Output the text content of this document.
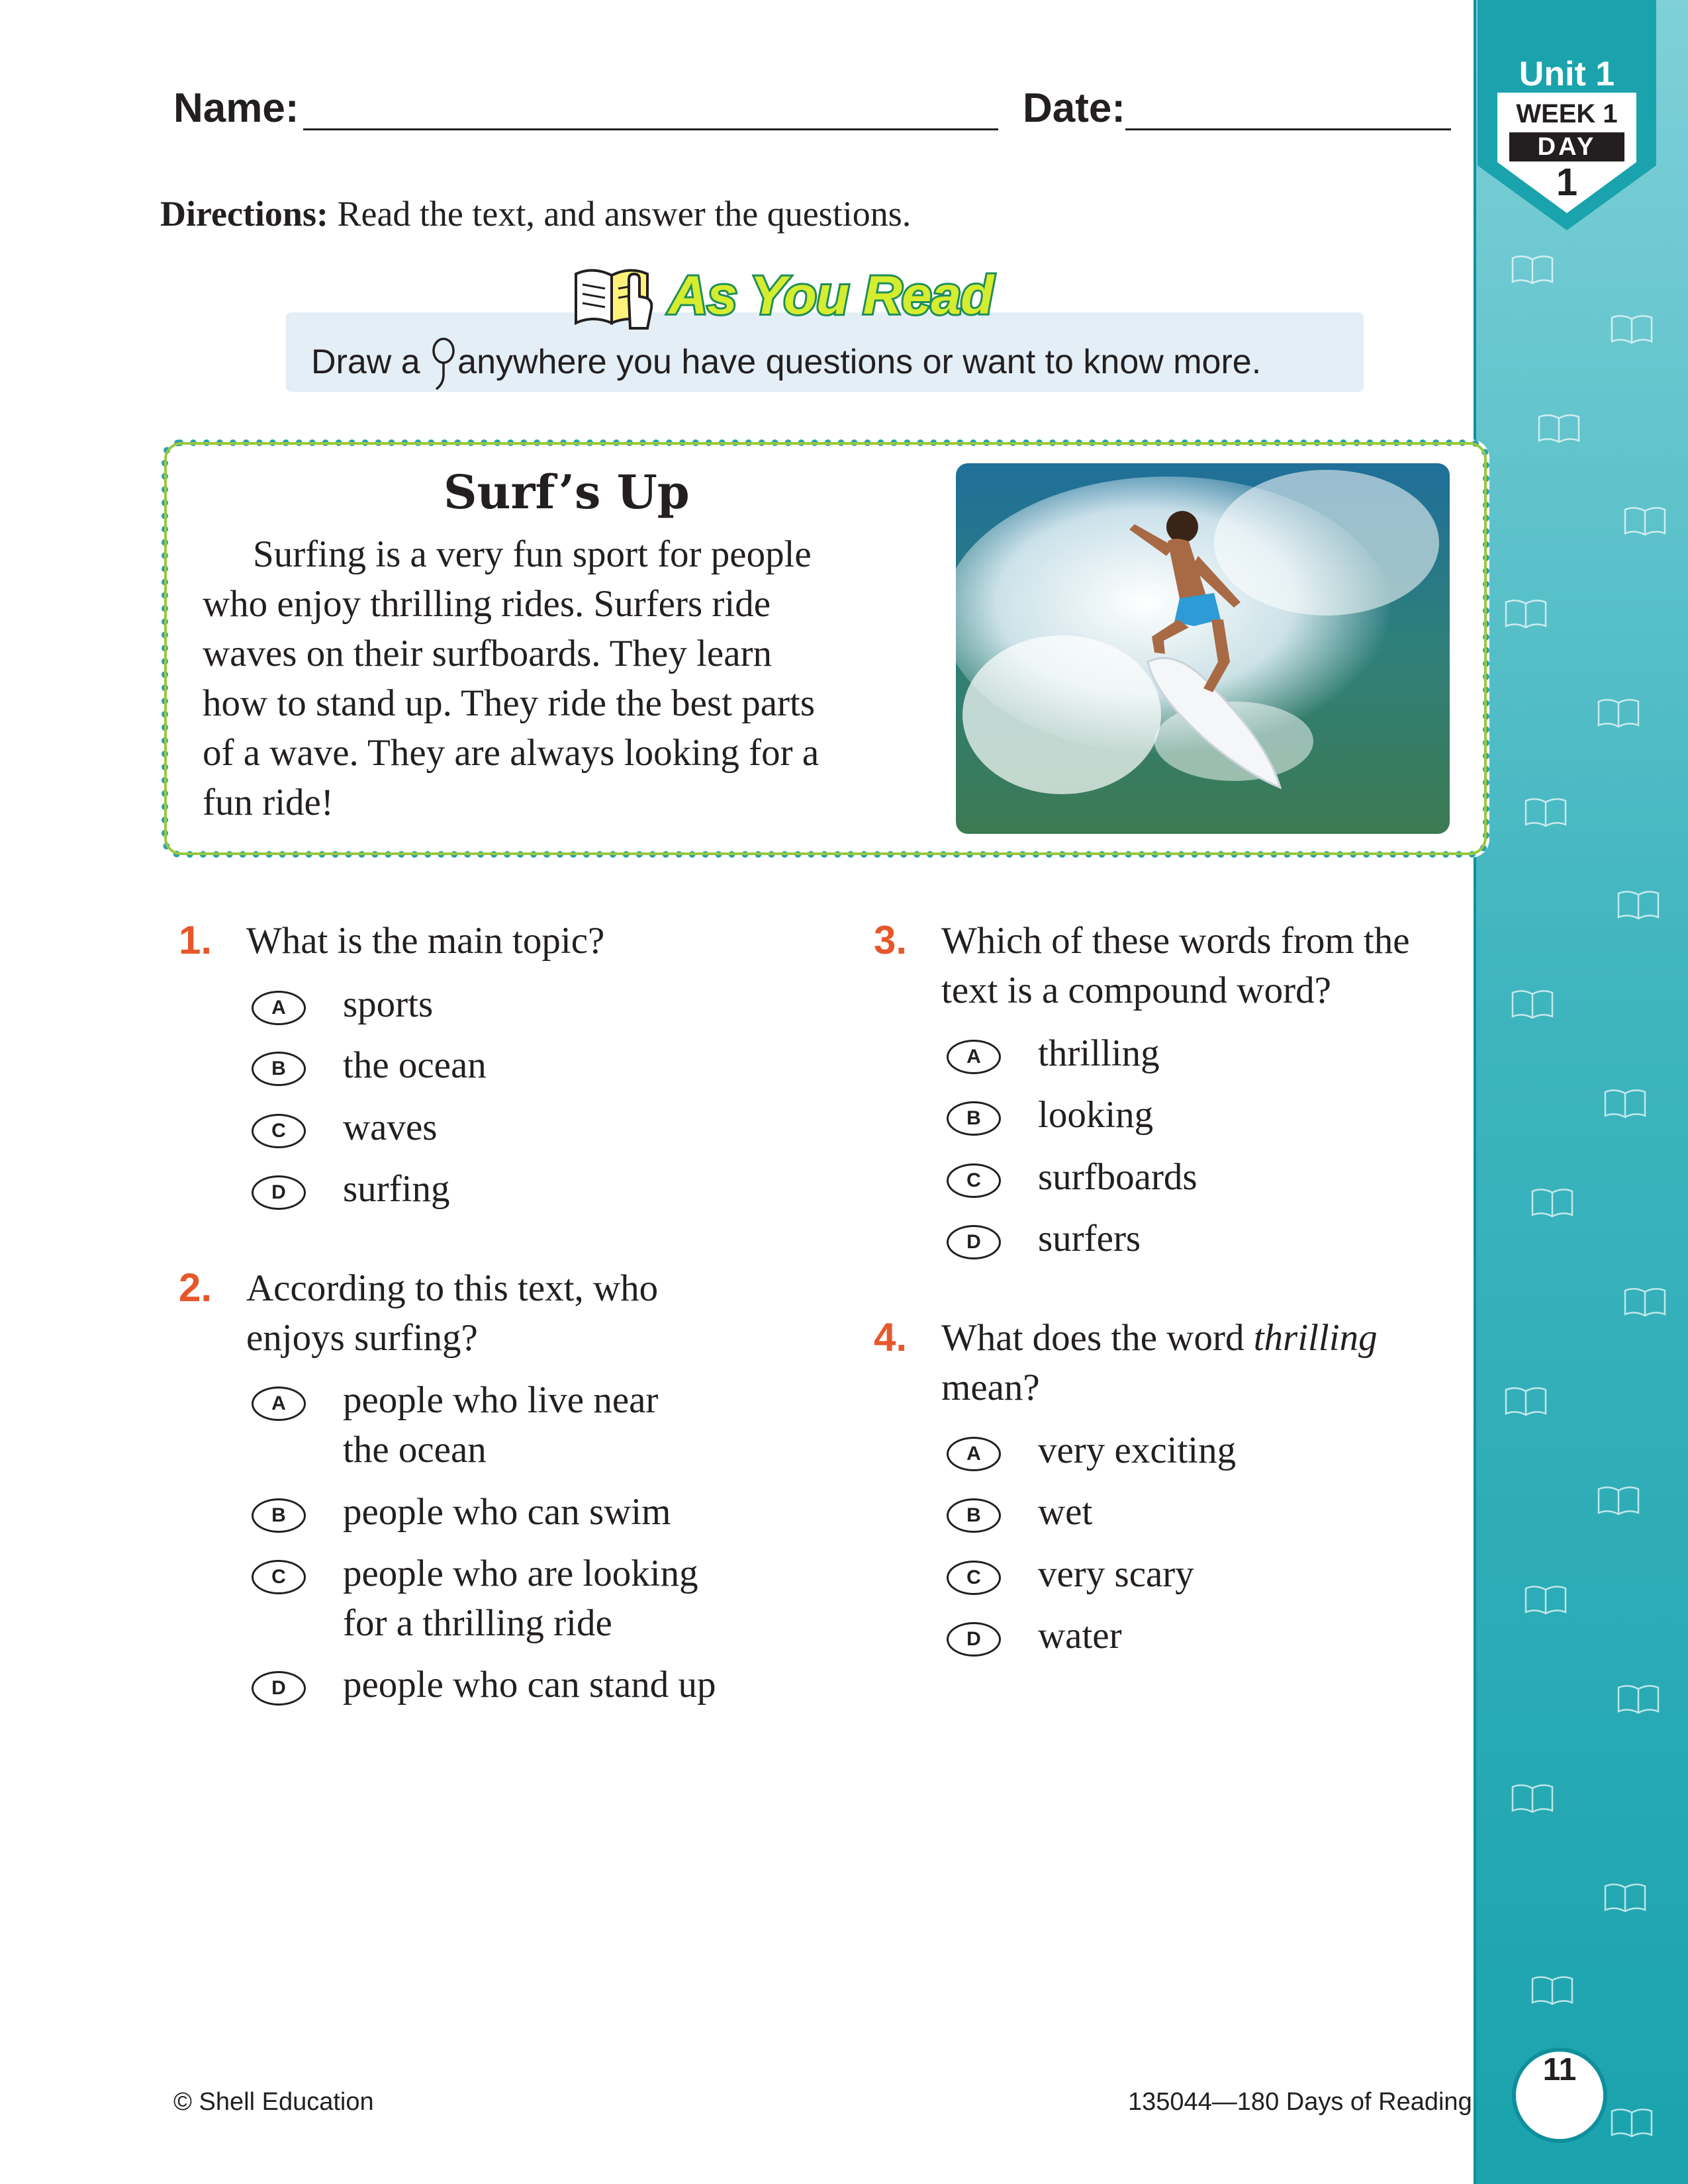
Unit 1
WEEK 1
DAY
1
Name:	Date:
Directions: Read the text, and answer the questions.
As You Read
Draw a anywhere you have questions or want to know more.
Surf’s Up
Surfing is a very fun sport for people
who enjoy thrilling rides. Surfers ride
waves on their surfboards. They learn
how to stand up. They ride the best parts
of a wave. They are always looking for a
fun ride!
1. What is the main topic?
A	sports
B	the ocean
C	waves
D	surfing
2. According to this text, who
enjoys surfing?
A	people who live near
the ocean
B	people who can swim
C	people who are looking
for a thrilling ride
D	people who can stand up
3. Which of these words from the
text is a compound word?
A	thrilling
B	looking
C	surfboards
D	surfers
4. What does the word thrilling
mean?
A	very exciting
B	wet
C	very scary
D	water
© Shell Education	135044—180 Days of Reading
11
